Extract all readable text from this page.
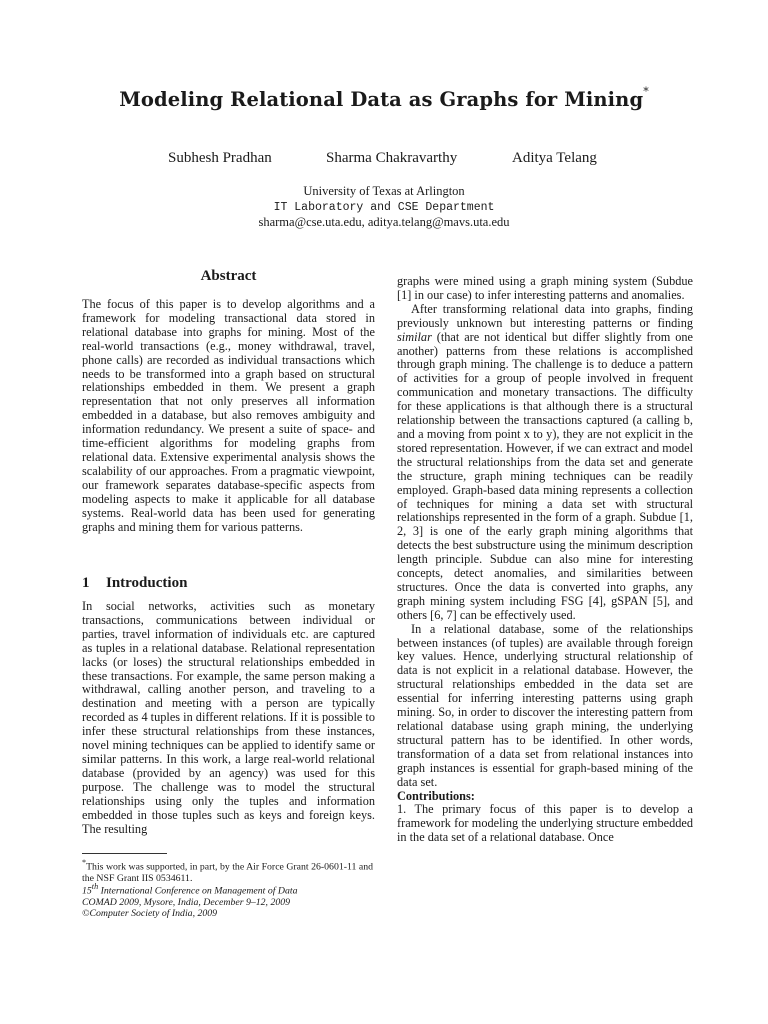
Modeling Relational Data as Graphs for Mining*
Subhesh Pradhan	Sharma Chakravarthy	Aditya Telang
University of Texas at Arlington
IT Laboratory and CSE Department
sharma@cse.uta.edu, aditya.telang@mavs.uta.edu
Abstract
The focus of this paper is to develop algorithms and a framework for modeling transactional data stored in relational database into graphs for mining. Most of the real-world transactions (e.g., money withdrawal, travel, phone calls) are recorded as individual transactions which needs to be transformed into a graph based on structural relationships embedded in them. We present a graph representation that not only preserves all information embedded in a database, but also removes ambiguity and information redundancy. We present a suite of space- and time-efficient algorithms for modeling graphs from relational data. Extensive experimental analysis shows the scalability of our approaches. From a pragmatic viewpoint, our framework separates database-specific aspects from modeling aspects to make it applicable for all database systems. Real-world data has been used for generating graphs and mining them for various patterns.
1 Introduction
In social networks, activities such as monetary transactions, communications between individual or parties, travel information of individuals etc. are captured as tuples in a relational database. Relational representation lacks (or loses) the structural relationships embedded in these transactions. For example, the same person making a withdrawal, calling another person, and traveling to a destination and meeting with a person are typically recorded as 4 tuples in different relations. If it is possible to infer these structural relationships from these instances, novel mining techniques can be applied to identify same or similar patterns. In this work, a large real-world relational database (provided by an agency) was used for this purpose. The challenge was to model the structural relationships using only the tuples and information embedded in those tuples such as keys and foreign keys. The resulting
*This work was supported, in part, by the Air Force Grant 26-0601-11 and the NSF Grant IIS 0534611.
15th International Conference on Management of Data
COMAD 2009, Mysore, India, December 9–12, 2009
©Computer Society of India, 2009

graphs were mined using a graph mining system (Subdue [1] in our case) to infer interesting patterns and anomalies.

After transforming relational data into graphs, finding previously unknown but interesting patterns or finding similar (that are not identical but differ slightly from one another) patterns from these relations is accomplished through graph mining. The challenge is to deduce a pattern of activities for a group of people involved in frequent communication and monetary transactions. The difficulty for these applications is that although there is a structural relationship between the transactions captured (a calling b, and a moving from point x to y), they are not explicit in the stored representation. However, if we can extract and model the structural relationships from the data set and generate the structure, graph mining techniques can be readily employed. Graph-based data mining represents a collection of techniques for mining a data set with structural relationships represented in the form of a graph. Subdue [1, 2, 3] is one of the early graph mining algorithms that detects the best substructure using the minimum description length principle. Subdue can also mine for interesting concepts, detect anomalies, and similarities between structures. Once the data is converted into graphs, any graph mining system including FSG [4], gSPAN [5], and others [6, 7] can be effectively used.

In a relational database, some of the relationships between instances (of tuples) are available through foreign key values. Hence, underlying structural relationship of data is not explicit in a relational database. However, the structural relationships embedded in the data set are essential for inferring interesting patterns using graph mining. So, in order to discover the interesting pattern from relational database using graph mining, the underlying structural pattern has to be identified. In other words, transformation of a data set from relational instances into graph instances is essential for graph-based mining of the data set.

Contributions:

1. The primary focus of this paper is to develop a framework for modeling the underlying structure embedded in the data set of a relational database. Once
